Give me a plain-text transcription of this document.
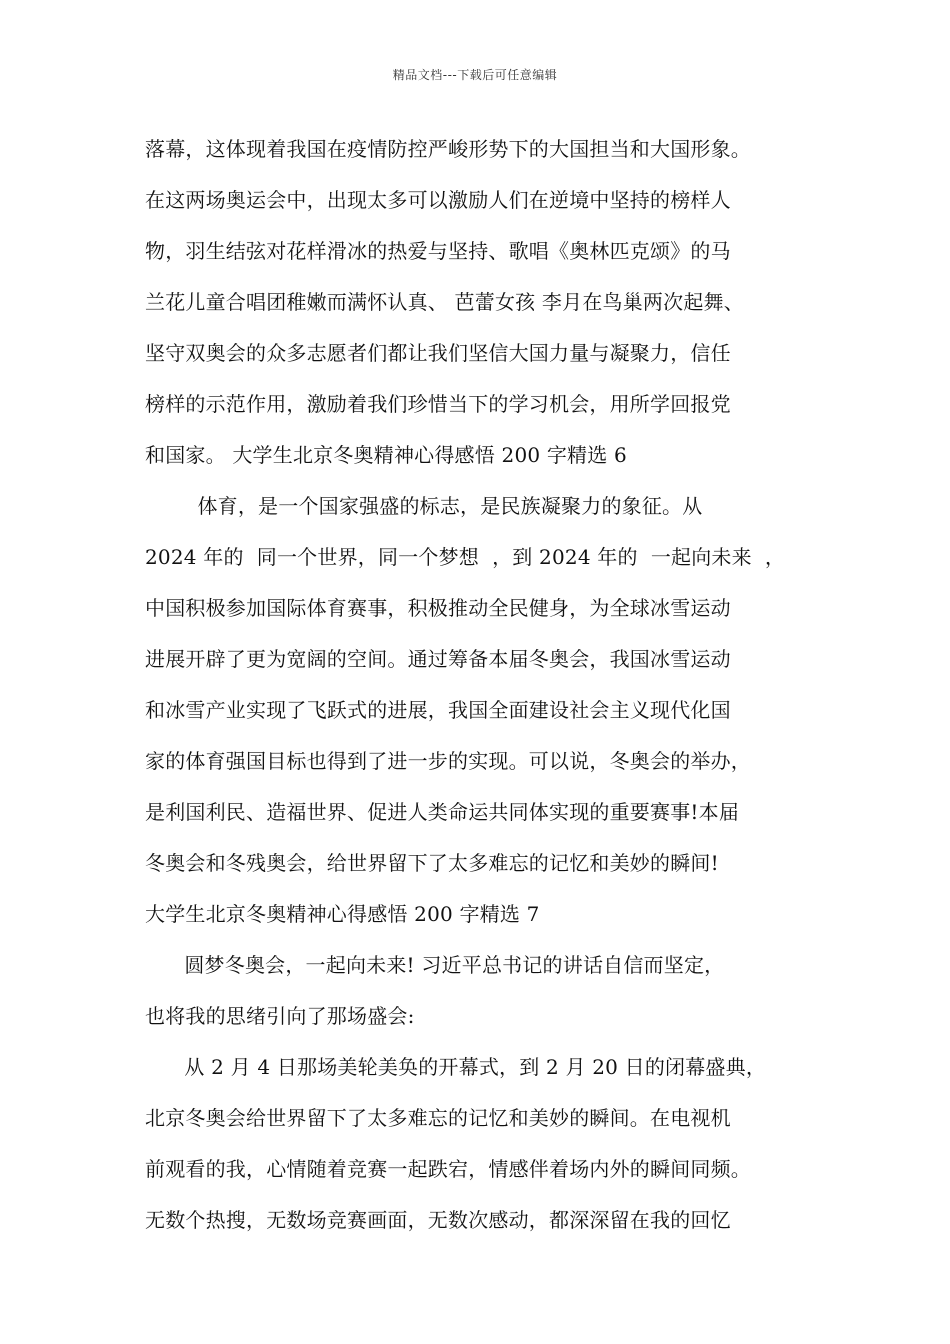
精品文档---下载后可任意编辑
落幕，这体现着我国在疫情防控严峻形势下的大国担当和大国形象。
在这两场奥运会中，出现太多可以激励人们在逆境中坚持的榜样人
物，羽生结弦对花样滑冰的热爱与坚持、歌唱《奥林匹克颂》的马
兰花儿童合唱团稚嫩而满怀认真、 芭蕾女孩 李月在鸟巢两次起舞、
坚守双奥会的众多志愿者们都让我们坚信大国力量与凝聚力，信任
榜样的示范作用，激励着我们珍惜当下的学习机会，用所学回报党
和国家。 大学生北京冬奥精神心得感悟 200 字精选 6
体育，是一个国家强盛的标志，是民族凝聚力的象征。从
2024 年的  同一个世界，同一个梦想  ，到 2024 年的  一起向未来  ，
中国积极参加国际体育赛事，积极推动全民健身，为全球冰雪运动
进展开辟了更为宽阔的空间。通过筹备本届冬奥会，我国冰雪运动
和冰雪产业实现了飞跃式的进展，我国全面建设社会主义现代化国
家的体育强国目标也得到了进一步的实现。可以说，冬奥会的举办，
是利国利民、造福世界、促进人类命运共同体实现的重要赛事!本届
冬奥会和冬残奥会，给世界留下了太多难忘的记忆和美妙的瞬间!
大学生北京冬奥精神心得感悟 200 字精选 7
圆梦冬奥会，一起向未来! 习近平总书记的讲话自信而坚定，
也将我的思绪引向了那场盛会:
从 2 月 4 日那场美轮美奂的开幕式，到 2 月 20 日的闭幕盛典，
北京冬奥会给世界留下了太多难忘的记忆和美妙的瞬间。在电视机
前观看的我，心情随着竞赛一起跌宕，情感伴着场内外的瞬间同频。
无数个热搜，无数场竞赛画面，无数次感动，都深深留在我的回忆
